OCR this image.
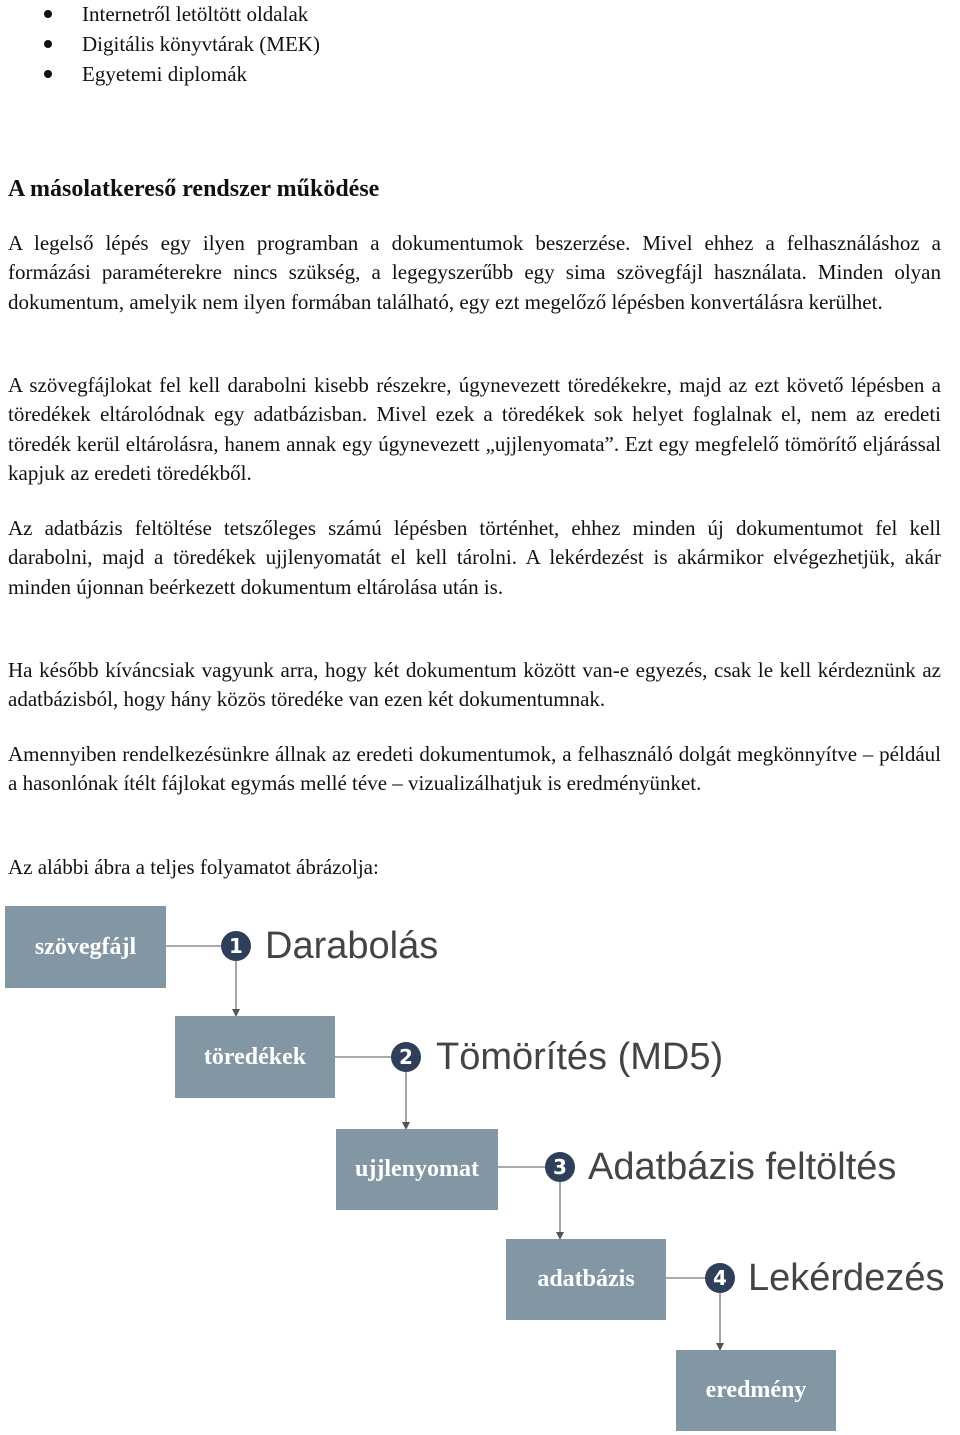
Internetről letöltött oldalak
Digitális könyvtárak (MEK)
Egyetemi diplomák
A másolatkereső rendszer működése

A legelső lépés egy ilyen programban a dokumentumok beszerzése. Mivel ehhez a felhasználáshoz a formázási paraméterekre nincs szükség, a legegyszerűbb egy sima szövegfájl használata. Minden olyan dokumentum, amelyik nem ilyen formában található, egy ezt megelőző lépésben konvertálásra kerülhet.

A szövegfájlokat fel kell darabolni kisebb részekre, úgynevezett töredékekre, majd az ezt követő lépésben a töredékek eltárolódnak egy adatbázisban. Mivel ezek a töredékek sok helyet foglalnak el, nem az eredeti töredék kerül eltárolásra, hanem annak egy úgynevezett „ujjlenyomata”. Ezt egy megfelelő tömörítő eljárással kapjuk az eredeti töredékből.

Az adatbázis feltöltése tetszőleges számú lépésben történhet, ehhez minden új dokumentumot fel kell darabolni, majd a töredékek ujjlenyomatát el kell tárolni. A lekérdezést is akármikor elvégezhetjük, akár minden újonnan beérkezett dokumentum eltárolása után is.

Ha később kíváncsiak vagyunk arra, hogy két dokumentum között van-e egyezés, csak le kell kérdeznünk az adatbázisból, hogy hány közös töredéke van ezen két dokumentumnak.

Amennyiben rendelkezésünkre állnak az eredeti dokumentumok, a felhasználó dolgát megkönnyítve – például a hasonlónak ítélt fájlokat egymás mellé téve – vizualizálhatjuk is eredményünket.

Az alábbi ábra a teljes folyamatot ábrázolja:

szövegfájl
töredékek
ujjlenyomat
adatbázis
eredmény
1
2
3
4
Darabolás
Tömörítés (MD5)
Adatbázis feltöltés
Lekérdezés
